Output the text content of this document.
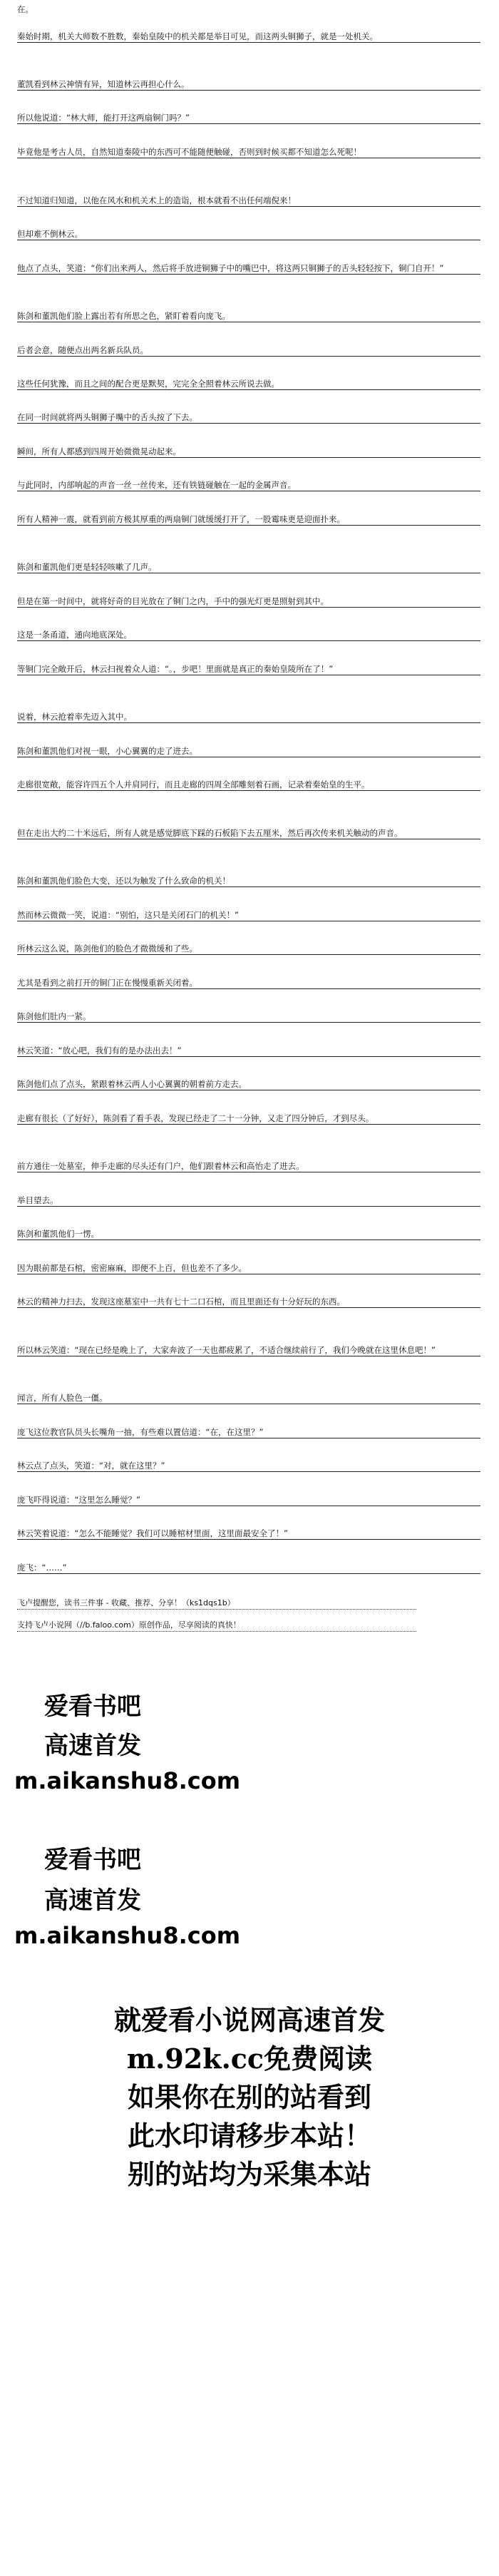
在。
秦始时期，机关大师数不胜数，秦始皇陵中的机关都是举目可见，而这两头铜狮子，就是一处机关。
董凯看到林云神情有异，知道林云再担心什么。
所以他说道：“林大师，能打开这两扇铜门吗？”
毕竟他是考古人员，自然知道秦陵中的东西可不能随便触碰，否则到时候买都不知道怎么死呢！
不过知道归知道，以他在风水和机关术上的造诣，根本就看不出任何端倪来！
但却难不倒林云。
他点了点头，笑道：“你们出来两人，然后将手放进铜狮子中的嘴巴中，将这两只铜狮子的舌头轻轻按下，铜门自开！”
陈剑和董凯他们脸上露出若有所思之色，紧盯着看向庞飞。
后者会意，随便点出两名新兵队员。
这些任何犹豫，而且之间的配合更是默契，完完全全照着林云所说去做。
在同一时间就将两头铜狮子嘴中的舌头按了下去。
瞬间，所有人都感到四周开始微微晃动起来。
与此同时，内部响起的声音一丝一丝传来，还有铁链碰触在一起的金属声音。
所有人精神一震，就看到前方极其厚重的两扇铜门就缓缓打开了，一股霉味更是迎面扑来。
陈剑和董凯他们更是轻轻咳嗽了几声。
但是在第一时间中，就将好奇的目光放在了铜门之内，手中的强光灯更是照射到其中。
这是一条甬道，通向地底深处。
等铜门完全敞开后，林云扫视着众人道：“。，步吧！里面就是真正的秦始皇陵所在了！”
说着，林云抢着率先迈入其中。
陈剑和董凯他们对视一眼，小心翼翼的走了进去。
走廊很宽敞，能容许四五个人并肩同行，而且走廊的四周全部雕刻着石画，记录着秦始皇的生平。
但在走出大约二十米远后，所有人就是感觉脚底下踩的石板陷下去五厘米，然后再次传来机关触动的声音。
陈剑和董凯他们脸色大变，还以为触发了什么致命的机关！
然而林云微微一笑，说道：“别怕，这只是关闭石门的机关！”
所林云这么说，陈剑他们的脸色才微微缓和了些。
尤其是看到之前打开的铜门正在慢慢重新关闭着。
陈剑他们肚内一紧。
林云笑道：“放心吧，我们有的是办法出去！”
陈剑他们点了点头，紧跟着林云两人小心翼翼的朝着前方走去。
走廊有很长（了好好），陈剑看了看手表，发现已经走了二十一分钟，又走了四分钟后，才到尽头。
前方通往一处墓室，伸手走廊的尽头还有门户，他们跟着林云和高怡走了进去。
举目望去。
陈剑和董凯他们一愣。
因为眼前都是石棺，密密麻麻，即便不上百，但也差不了多少。
林云的精神力扫去，发现这座墓室中一共有七十二口石棺，而且里面还有十分好玩的东西。
所以林云笑道：“现在已经是晚上了，大家奔波了一天也都疲累了，不适合继续前行了，我们今晚就在这里休息吧！”
闻言，所有人脸色一僵。
庞飞这位教官队员头长嘴角一抽，有些难以置信道：“在，在这里？”
林云点了点头，笑道：“对，就在这里？”
庞飞吓得说道：“这里怎么睡觉？”
林云笑着说道：“怎么不能睡觉？我们可以睡棺材里面，这里面最安全了！”
庞飞：“……”
飞卢提醒您，读书三件事 - 收藏、推荐、分享！（ks1dqs1b）
支持飞卢小说网（//b.faloo.com）原创作品，尽享阅读的真快！
爱看书吧
高速首发
m.aikanshu8.com
爱看书吧
高速首发
m.aikanshu8.com
就爱看小说网高速首发
m.92k.cc免费阅读
如果你在别的站看到
此水印请移步本站！
别的站均为采集本站
